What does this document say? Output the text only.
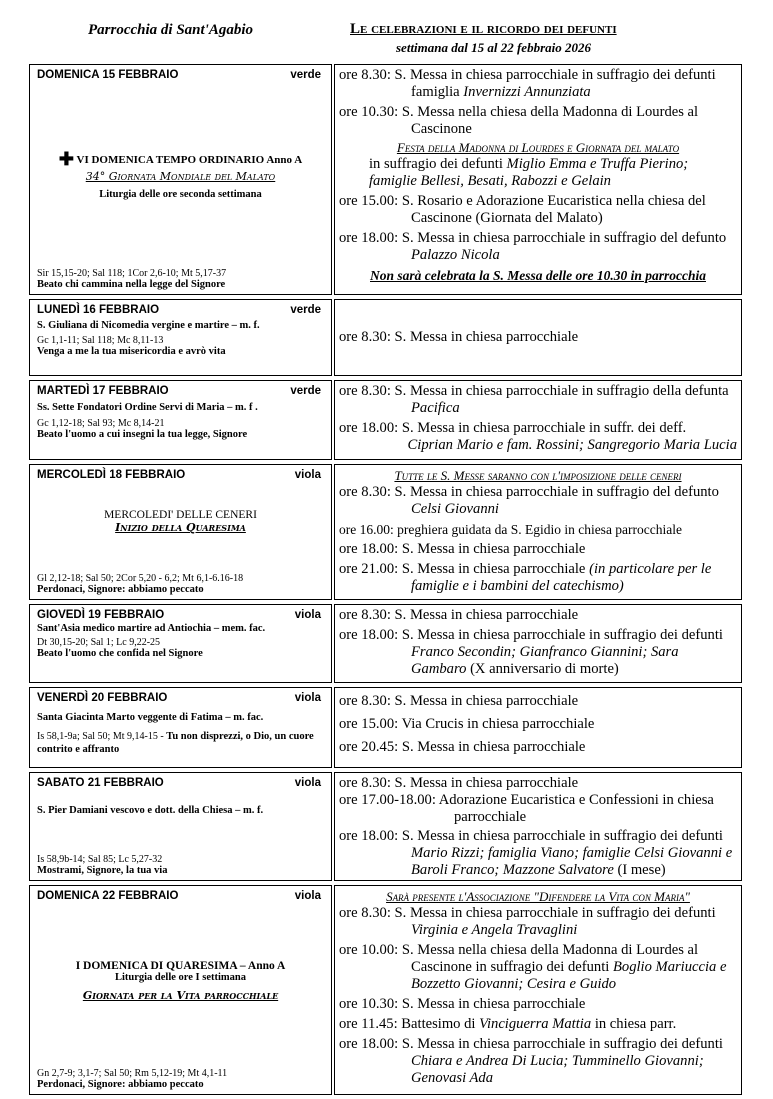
Parrocchia di Sant'Agabio	Le celebrazioni e il ricordo dei defunti
settimana dal 15 al 22 febbraio 2026
DOMENICA 15 FEBBRAIO	verde
✚ VI DOMENICA TEMPO ORDINARIO Anno A
34° Giornata Mondiale del Malato
Liturgia delle ore seconda settimana
Sir 15,15-20; Sal 118; 1Cor 2,6-10; Mt 5,17-37
Beato chi cammina nella legge del Signore
ore 8.30: S. Messa in chiesa parrocchiale in suffragio dei defunti famiglia Invernizzi Annunziata
ore 10.30: S. Messa nella chiesa della Madonna di Lourdes al Cascinone
Festa della Madonna di Lourdes e Giornata del malato
in suffragio dei defunti Miglio Emma e Truffa Pierino; famiglie Bellesi, Besati, Rabozzi e Gelain
ore 15.00: S. Rosario e Adorazione Eucaristica nella chiesa del Cascinone (Giornata del Malato)
ore 18.00: S. Messa in chiesa parrocchiale in suffragio del defunto Palazzo Nicola
Non sarà celebrata la S. Messa delle ore 10.30 in parrocchia
LUNEDÌ 16 FEBBRAIO	verde
S. Giuliana di Nicomedia vergine e martire – m. f.
Gc 1,1-11; Sal 118; Mc 8,11-13
Venga a me la tua misericordia e avrò vita
ore 8.30: S. Messa in chiesa parrocchiale
MARTEDÌ 17 FEBBRAIO	verde
Ss. Sette Fondatori Ordine Servi di Maria – m. f .
Gc 1,12-18; Sal 93; Mc 8,14-21
Beato l'uomo a cui insegni la tua legge, Signore
ore 8.30: S. Messa in chiesa parrocchiale in suffragio della defunta Pacifica
ore 18.00: S. Messa in chiesa parrocchiale in suffr. dei deff.
Ciprian Mario e fam. Rossini; Sangregorio Maria Lucia
MERCOLEDÌ 18 FEBBRAIO	viola
MERCOLEDI' DELLE CENERI
Inizio della Quaresima
Gl 2,12-18; Sal 50; 2Cor 5,20 - 6,2; Mt 6,1-6.16-18
Perdonaci, Signore: abbiamo peccato
Tutte le S. Messe saranno con l'imposizione delle ceneri
ore 8.30: S. Messa in chiesa parrocchiale in suffragio del defunto Celsi Giovanni
ore 16.00: preghiera guidata da S. Egidio in chiesa parrocchiale
ore 18.00: S. Messa in chiesa parrocchiale
ore 21.00: S. Messa in chiesa parrocchiale (in particolare per le famiglie e i bambini del catechismo)
GIOVEDÌ 19 FEBBRAIO	viola
Sant'Asia medico martire ad Antiochia – mem. fac.
Dt 30,15-20; Sal 1; Lc 9,22-25
Beato l'uomo che confida nel Signore
ore 8.30: S. Messa in chiesa parrocchiale
ore 18.00: S. Messa in chiesa parrocchiale in suffragio dei defunti Franco Secondin; Gianfranco Giannini; Sara Gambaro (X anniversario di morte)
VENERDÌ 20 FEBBRAIO	viola
Santa Giacinta Marto veggente di Fatima – m. fac.
Is 58,1-9a; Sal 50; Mt 9,14-15 - Tu non disprezzi, o Dio, un cuore contrito e affranto
ore 8.30: S. Messa in chiesa parrocchiale
ore 15.00: Via Crucis in chiesa parrocchiale
ore 20.45: S. Messa in chiesa parrocchiale
SABATO 21 FEBBRAIO	viola
S. Pier Damiani vescovo e dott. della Chiesa – m. f.
Is 58,9b-14; Sal 85; Lc 5,27-32
Mostrami, Signore, la tua via
ore 8.30: S. Messa in chiesa parrocchiale
ore 17.00-18.00: Adorazione Eucaristica e Confessioni in chiesa parrocchiale
ore 18.00: S. Messa in chiesa parrocchiale in suffragio dei defunti Mario Rizzi; famiglia Viano; famiglie Celsi Giovanni e Baroli Franco; Mazzone Salvatore (I mese)
DOMENICA 22 FEBBRAIO	viola
I DOMENICA DI QUARESIMA – Anno A
Liturgia delle ore I settimana
Giornata per la Vita parrocchiale
Gn 2,7-9; 3,1-7; Sal 50; Rm 5,12-19; Mt 4,1-11
Perdonaci, Signore: abbiamo peccato
Sarà presente l'Associazione "Difendere la Vita con Maria"
ore 8.30: S. Messa in chiesa parrocchiale in suffragio dei defunti Virginia e Angela Travaglini
ore 10.00: S. Messa nella chiesa della Madonna di Lourdes al Cascinone in suffragio dei defunti Boglio Mariuccia e Bozzetto Giovanni; Cesira e Guido
ore 10.30: S. Messa in chiesa parrocchiale
ore 11.45: Battesimo di Vinciguerra Mattia in chiesa parr.
ore 18.00: S. Messa in chiesa parrocchiale in suffragio dei defunti Chiara e Andrea Di Lucia; Tumminello Giovanni; Genovasi Ada
